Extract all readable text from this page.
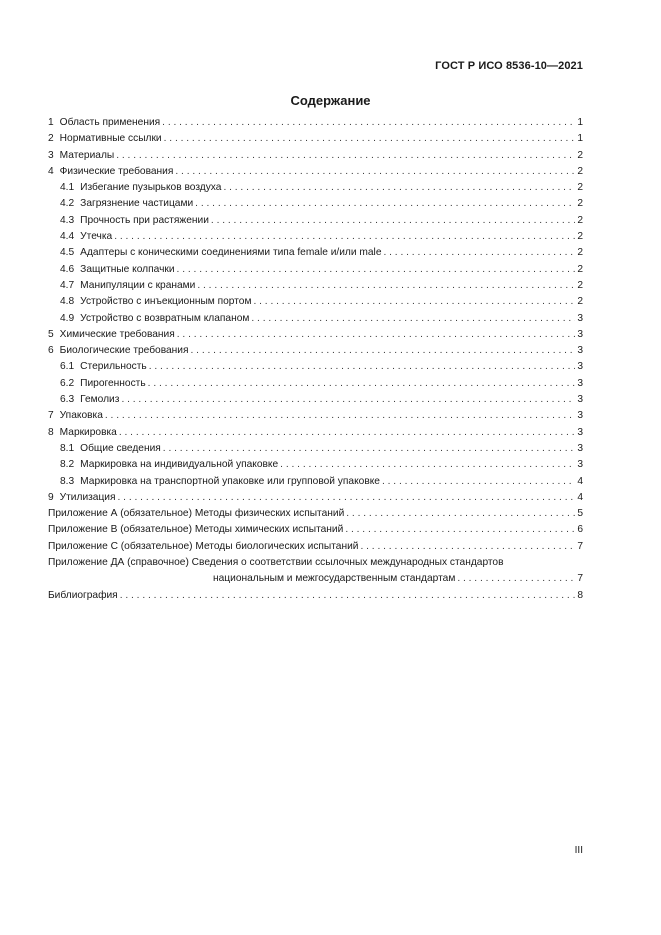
ГОСТ Р ИСО 8536-10—2021
Содержание
1 Область применения . . .	1
2 Нормативные ссылки . . .	1
3 Материалы . . .	2
4 Физические требования . . .	2
4.1 Избегание пузырьков воздуха . . .	2
4.2 Загрязнение частицами . . .	2
4.3 Прочность при растяжении . . .	2
4.4 Утечка . . .	2
4.5 Адаптеры с коническими соединениями типа female и/или male . . .	2
4.6 Защитные колпачки . . .	2
4.7 Манипуляции с кранами . . .	2
4.8 Устройство с инъекционным портом . . .	2
4.9 Устройство с возвратным клапаном . . .	3
5 Химические требования . . .	3
6 Биологические требования . . .	3
6.1 Стерильность . . .	3
6.2 Пирогенность . . .	3
6.3 Гемолиз . . .	3
7 Упаковка . . .	3
8 Маркировка . . .	3
8.1 Общие сведения . . .	3
8.2 Маркировка на индивидуальной упаковке . . .	3
8.3 Маркировка на транспортной упаковке или групповой упаковке . . .	4
9 Утилизация . . .	4
Приложение А (обязательное) Методы физических испытаний . . .	5
Приложение В (обязательное) Методы химических испытаний . . .	6
Приложение С (обязательное) Методы биологических испытаний . . .	7
Приложение ДА (справочное) Сведения о соответствии ссылочных международных стандартов
национальным и межгосударственным стандартам . . .	7
Библиография . . .	8
III
